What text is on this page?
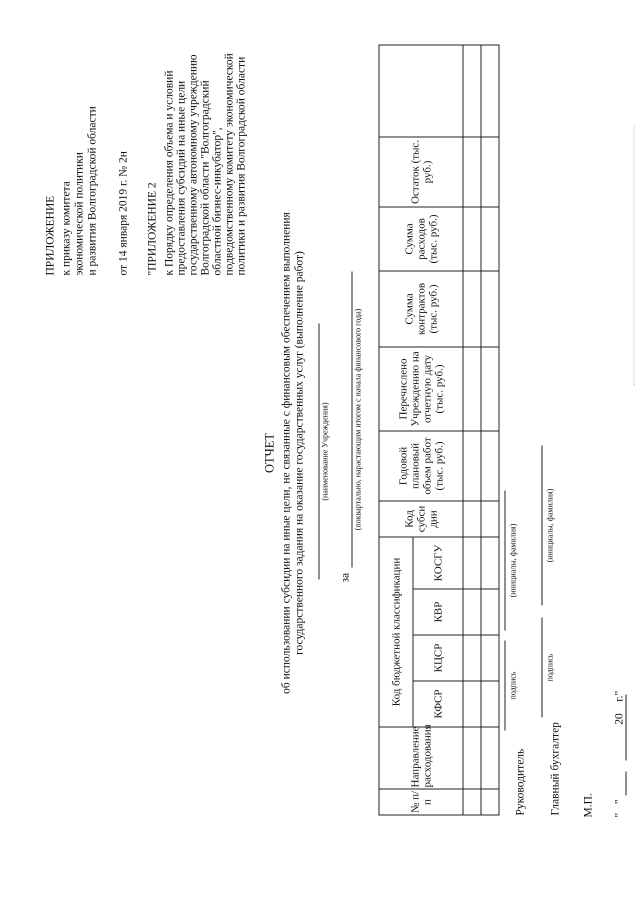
ПРИЛОЖЕНИЕ к приказу комитета экономической политики и развития Волгоградской области от 14 января 2019 г. № 2н "ПРИЛОЖЕНИЕ 2 к Порядку определения объема и условий предоставления субсидий на иные цели государственному автономному учреждению Волгоградской области "Волгоградский областной бизнес-инкубатор", подведомственному комитету экономической политики и развития Волгоградской области
ОТЧЕТ об использовании субсидии на иные цели, не связанные с финансовым обеспечением выполнения государственного задания на оказание государственных услуг (выполнение работ) (наименование Учреждения)
за
(поквартально, нарастающим итогом с начала финансового года)
№ п/п	Направление расходования	Код бюджетной классификации				Код субси дии	Годовой плановый объем работ (тыс. руб.)	Перечислено Учреждению на отчетную дату (тыс. руб.)	Сумма контрактов (тыс. руб.)	Сумма расходов (тыс. руб.)	Остаток (тыс. руб.)	
		КФСР	КЦСР	КВР	КОСГУ							

Руководитель
подпись
(инициалы, фамилия)
Главный бухгалтер
подпись
(инициалы, фамилия)
М.П. "   "                          20    г."
